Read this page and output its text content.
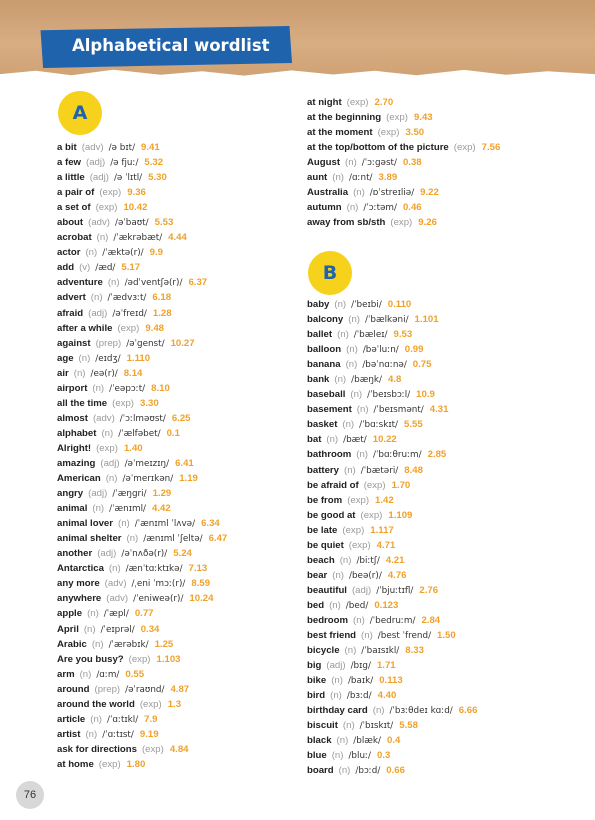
Alphabetical wordlist
A
B
a bit (adv) /ə bɪt/ 9.41
a few (adj) /ə fjuː/ 5.32
a little (adj) /ə ˈlɪtl/ 5.30
a pair of (exp) 9.36
a set of (exp) 10.42
about (adv) /əˈbaʊt/ 5.53
acrobat (n) /ˈækrəbæt/ 4.44
actor (n) /ˈæktə(r)/ 9.9
add (v) /æd/ 5.17
adventure (n) /ədˈventʃə(r)/ 6.37
advert (n) /ˈædvɜːt/ 6.18
afraid (adj) /əˈfreɪd/ 1.28
after a while (exp) 9.48
against (prep) /əˈgenst/ 10.27
age (n) /eɪdʒ/ 1.110
air (n) /eə(r)/ 8.14
airport (n) /ˈeəpɔːt/ 8.10
all the time (exp) 3.30
almost (adv) /ˈɔːlməʊst/ 6.25
alphabet (n) /ˈælfəbet/ 0.1
Alright! (exp) 1.40
amazing (adj) /əˈmeɪzɪŋ/ 6.41
American (n) /əˈmerɪkən/ 1.19
angry (adj) /ˈæŋgri/ 1.29
animal (n) /ˈænɪml/ 4.42
animal lover (n) /ˈænɪml ˈlʌvə/ 6.34
animal shelter (n) /ænɪml ˈʃeltə/ 6.47
another (adj) /əˈnʌðə(r)/ 5.24
Antarctica (n) /ænˈtɑːktɪkə/ 7.13
any more (adv) /ˌeni ˈmɔː(r)/ 8.59
anywhere (adv) /ˈeniweə(r)/ 10.24
apple (n) /ˈæpl/ 0.77
April (n) /ˈeɪprəl/ 0.34
Arabic (n) /ˈærəbɪk/ 1.25
Are you busy? (exp) 1.103
arm (n) /ɑːm/ 0.55
around (prep) /əˈraʊnd/ 4.87
around the world (exp) 1.3
article (n) /ˈɑːtɪkl/ 7.9
artist (n) /ˈɑːtɪst/ 9.19
ask for directions (exp) 4.84
at home (exp) 1.80
at night (exp) 2.70
at the beginning (exp) 9.43
at the moment (exp) 3.50
at the top/bottom of the picture (exp) 7.56
August (n) /ˈɔːgəst/ 0.38
aunt (n) /ɑːnt/ 3.89
Australia (n) /ɒˈstreɪliə/ 9.22
autumn (n) /ˈɔːtəm/ 0.46
away from sb/sth (exp) 9.26
baby (n) /ˈbeɪbi/ 0.110
balcony (n) /ˈbælkəni/ 1.101
ballet (n) /ˈbæleɪ/ 9.53
balloon (n) /bəˈluːn/ 0.99
banana (n) /bəˈnɑːnə/ 0.75
bank (n) /bæŋk/ 4.8
baseball (n) /ˈbeɪsbɔːl/ 10.9
basement (n) /ˈbeɪsmənt/ 4.31
basket (n) /ˈbɑːskɪt/ 5.55
bat (n) /bæt/ 10.22
bathroom (n) /ˈbɑːθruːm/ 2.85
battery (n) /ˈbætəri/ 8.48
be afraid of (exp) 1.70
be from (exp) 1.42
be good at (exp) 1.109
be late (exp) 1.117
be quiet (exp) 4.71
beach (n) /biːtʃ/ 4.21
bear (n) /beə(r)/ 4.76
beautiful (adj) /ˈbjuːtɪfl/ 2.76
bed (n) /bed/ 0.123
bedroom (n) /ˈbedruːm/ 2.84
best friend (n) /best ˈfrend/ 1.50
bicycle (n) /ˈbaɪsɪkl/ 8.33
big (adj) /bɪg/ 1.71
bike (n) /baɪk/ 0.113
bird (n) /bɜːd/ 4.40
birthday card (n) /ˈbɜːθdeɪ kɑːd/ 6.66
biscuit (n) /ˈbɪskɪt/ 5.58
black (n) /blæk/ 0.4
blue (n) /bluː/ 0.3
board (n) /bɔːd/ 0.66
76
